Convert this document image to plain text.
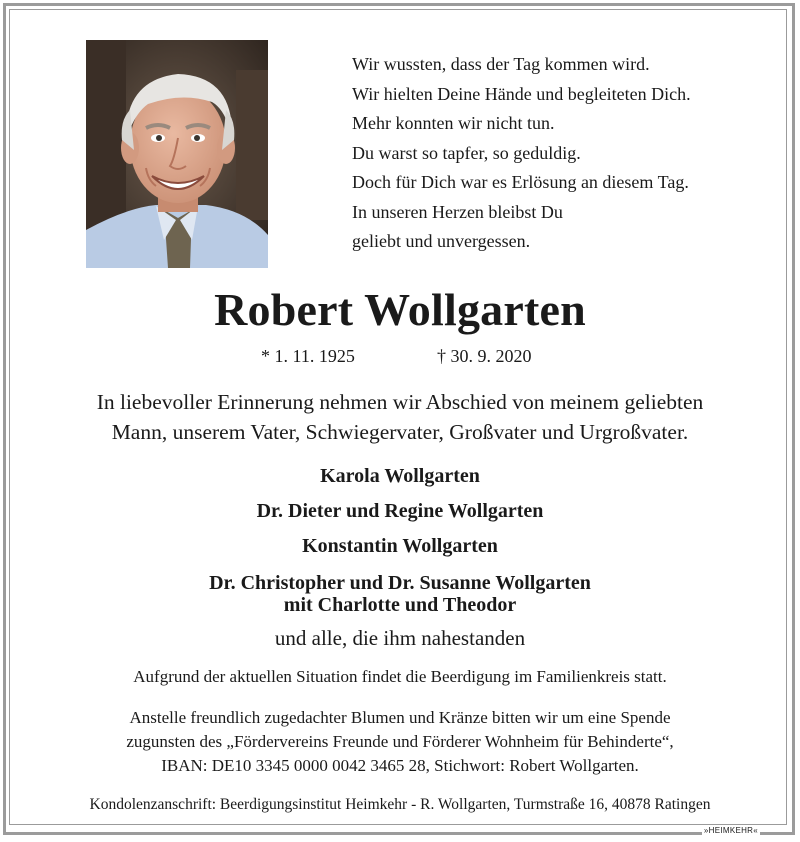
Wir wussten, dass der Tag kommen wird.
Wir hielten Deine Hände und begleiteten Dich.
Mehr konnten wir nicht tun.
Du warst so tapfer, so geduldig.
Doch für Dich war es Erlösung an diesem Tag.
In unseren Herzen bleibst Du
geliebt und unvergessen.
Robert Wollgarten
* 1. 11. 1925	† 30. 9. 2020
In liebevoller Erinnerung nehmen wir Abschied von meinem geliebten
Mann, unserem Vater, Schwiegervater, Großvater und Urgroßvater.
Karola Wollgarten
Dr. Dieter und Regine Wollgarten
Konstantin Wollgarten
Dr. Christopher und Dr. Susanne Wollgarten
mit Charlotte und Theodor
und alle, die ihm nahestanden
Aufgrund der aktuellen Situation findet die Beerdigung im Familienkreis statt.
Anstelle freundlich zugedachter Blumen und Kränze bitten wir um eine Spende
zugunsten des „Fördervereins Freunde und Förderer Wohnheim für Behinderte“,
IBAN: DE10 3345 0000 0042 3465 28, Stichwort: Robert Wollgarten.
Kondolenzanschrift: Beerdigungsinstitut Heimkehr - R. Wollgarten, Turmstraße 16, 40878 Ratingen
»HEIMKEHR«
